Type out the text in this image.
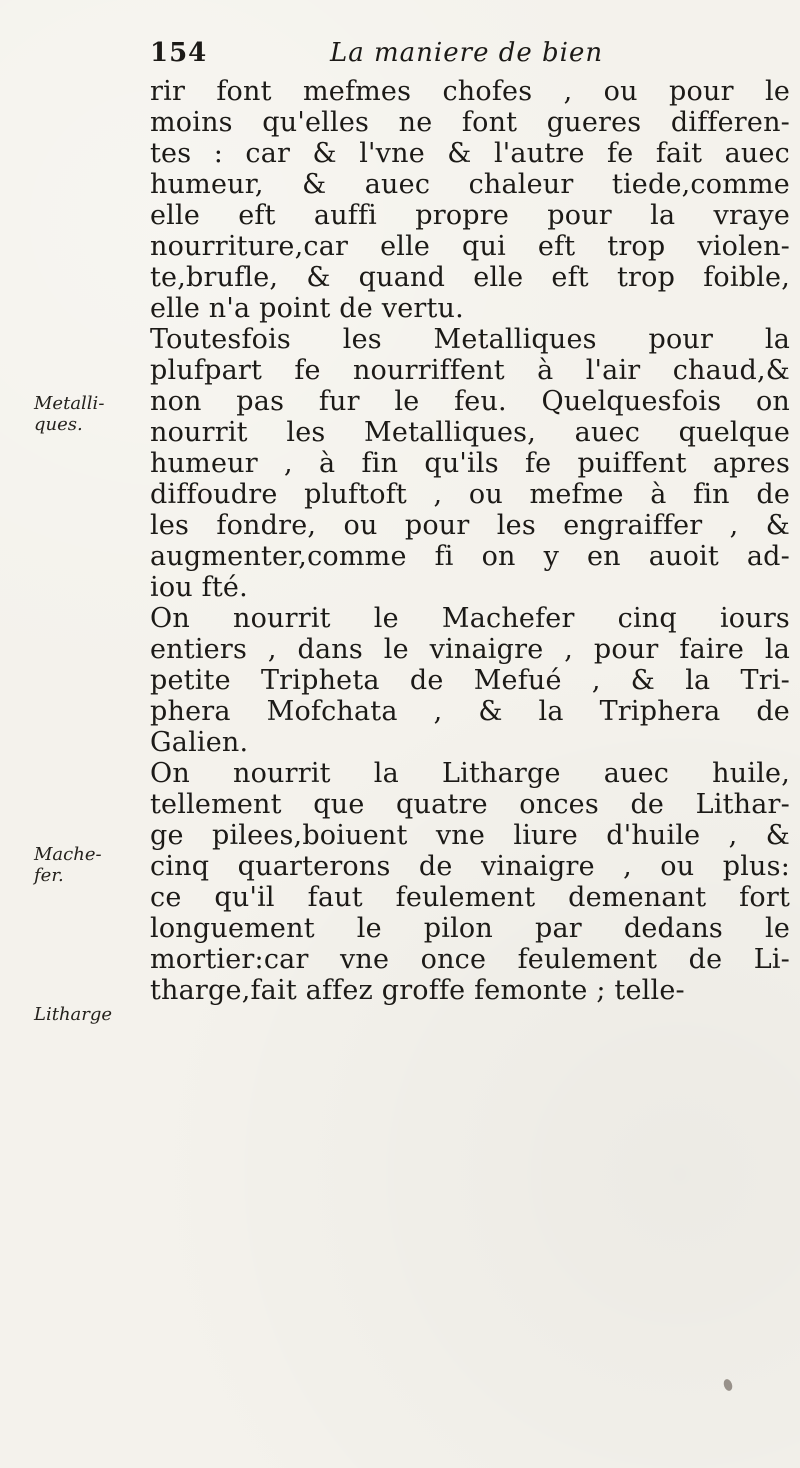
154	La maniere de bien
Metalli-
ques.
Mache-
fer.
Litharge
rir font mefmes chofes , ou pour le
moins qu'elles ne font gueres differen-
tes : car & l'vne & l'autre fe fait auec
humeur, & auec chaleur tiede,comme
elle eft auffi propre pour la vraye
nourriture,car elle qui eft trop violen-
te,brufle, & quand elle eft trop foible,
elle n'a point de vertu.
Toutesfois les Metalliques pour la
plufpart fe nourriffent à l'air chaud,&
non pas fur le feu. Quelquesfois on
nourrit les Metalliques, auec quelque
humeur , à fin qu'ils fe puiffent apres
diffoudre pluftoft , ou mefme à fin de
les fondre, ou pour les engraiffer , &
augmenter,comme fi on y en auoit ad-
iou fté.
On nourrit le Machefer cinq iours
entiers , dans le vinaigre , pour faire la
petite Tripheta de Mefué , & la Tri-
phera Mofchata , & la Triphera de
Galien.
On nourrit la Litharge auec huile,
tellement que quatre onces de Lithar-
ge pilees,boiuent vne liure d'huile , &
cinq quarterons de vinaigre , ou plus:
ce qu'il faut feulement demenant fort
longuement le pilon par dedans le
mortier:car vne once feulement de Li-
tharge,fait affez groffe femonte ; telle-
